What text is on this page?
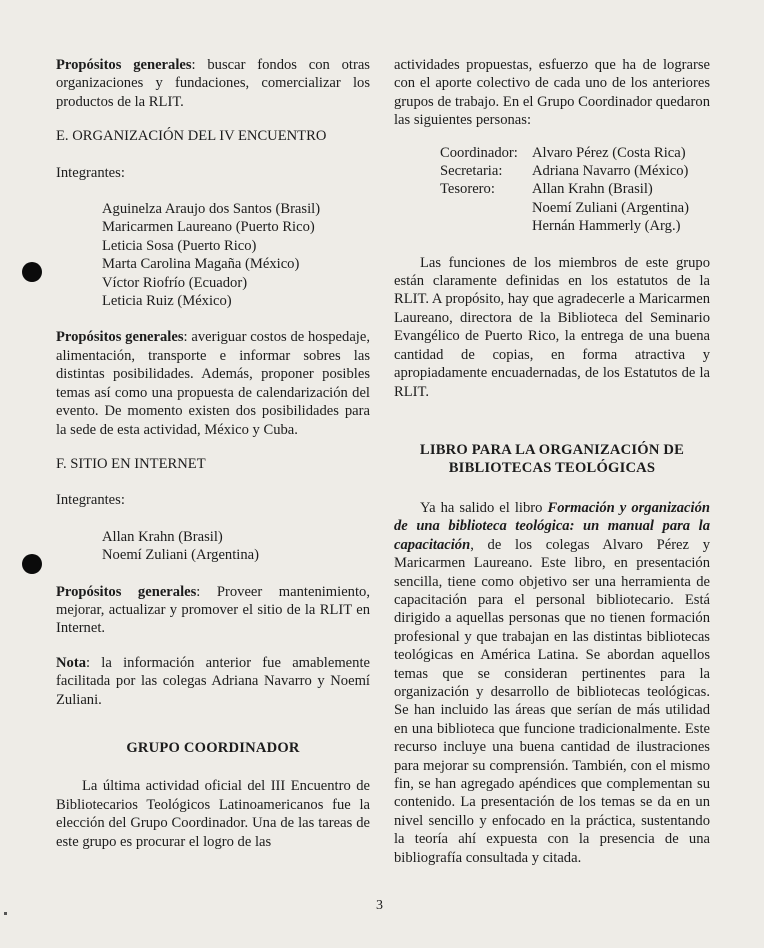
Propósitos generales: buscar fondos con otras organizaciones y fundaciones, comercializar los productos de la RLIT.

E. ORGANIZACIÓN DEL IV ENCUENTRO
Integrantes:
Aguinelza Araujo dos Santos (Brasil)
Maricarmen Laureano (Puerto Rico)
Leticia Sosa (Puerto Rico)
Marta Carolina Magaña (México)
Víctor Riofrío (Ecuador)
Leticia Ruiz (México)

Propósitos generales: averiguar costos de hospedaje, alimentación, transporte e informar sobres las distintas posibilidades. Además, proponer posibles temas así como una propuesta de calendarización del evento. De momento existen dos posibilidades para la sede de esta actividad, México y Cuba.

F. SITIO EN INTERNET
Integrantes:
Allan Krahn (Brasil)
Noemí Zuliani (Argentina)

Propósitos generales: Proveer mantenimiento, mejorar, actualizar y promover el sitio de la RLIT en Internet.

Nota: la información anterior fue amablemente facilitada por las colegas Adriana Navarro y Noemí Zuliani.

GRUPO COORDINADOR

La última actividad oficial del III Encuentro de Bibliotecarios Teológicos Latinoamericanos fue la elección del Grupo Coordinador. Una de las tareas de este grupo es procurar el logro de las

actividades propuestas, esfuerzo que ha de lograrse con el aporte colectivo de cada uno de los anteriores grupos de trabajo. En el Grupo Coordinador quedaron las siguientes personas:

Coordinador: Alvaro Pérez (Costa Rica)
Secretaria:	Adriana Navarro (México)
Tesorero:	Allan Krahn (Brasil)
Noemí Zuliani (Argentina)
Hernán Hammerly (Arg.)

Las funciones de los miembros de este grupo están claramente definidas en los estatutos de la RLIT. A propósito, hay que agradecerle a Maricarmen Laureano, directora de la Biblioteca del Seminario Evangélico de Puerto Rico, la entrega de una buena cantidad de copias, en forma atractiva y apropiadamente encuadernadas, de los Estatutos de la RLIT.

LIBRO PARA LA ORGANIZACIÓN DE
BIBLIOTECAS TEOLÓGICAS

Ya ha salido el libro Formación y organización de una biblioteca teológica: un manual para la capacitación, de los colegas Alvaro Pérez y Maricarmen Laureano. Este libro, en presentación sencilla, tiene como objetivo ser una herramienta de capacitación para el personal bibliotecario. Está dirigido a aquellas personas que no tienen formación profesional y que trabajan en las distintas bibliotecas teológicas en América Latina. Se abordan aquellos temas que se consideran pertinentes para la organización y desarrollo de bibliotecas teológicas. Se han incluido las áreas que serían de más utilidad en una biblioteca que funcione tradicionalmente. Este recurso incluye una buena cantidad de ilustraciones para mejorar su comprensión. También, con el mismo fin, se han agregado apéndices que complementan su contenido. La presentación de los temas se da en un nivel sencillo y enfocado en la práctica, sustentando la teoría ahí expuesta con la presencia de una bibliografía consultada y citada.

3
